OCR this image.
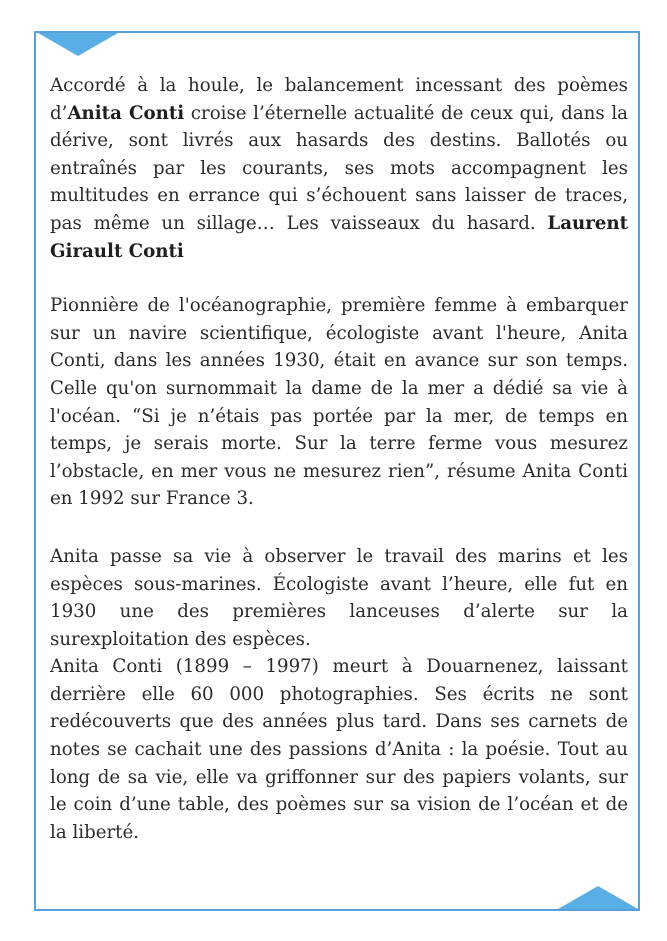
Accordé à la houle, le balancement incessant des poèmes d’Anita Conti croise l’éternelle actualité de ceux qui, dans la dérive, sont livrés aux hasards des destins. Ballotés ou entraînés par les courants, ses mots accompagnent les multitudes en errance qui s’échouent sans laisser de traces, pas même un sillage… Les vaisseaux du hasard. Laurent Girault Conti

Pionnière de l'océanographie, première femme à embarquer sur un navire scientifique, écologiste avant l'heure, Anita Conti, dans les années 1930, était en avance sur son temps. Celle qu'on surnommait la dame de la mer a dédié sa vie à l'océan. “Si je n’étais pas portée par la mer, de temps en temps, je serais morte. Sur la terre ferme vous mesurez l’obstacle, en mer vous ne mesurez rien”, résume Anita Conti en 1992 sur France 3.

Anita passe sa vie à observer le travail des marins et les espèces sous-marines. Écologiste avant l’heure, elle fut en 1930 une des premières lanceuses d’alerte sur la surexploitation des espèces.

Anita Conti (1899 – 1997) meurt à Douarnenez, laissant derrière elle 60 000 photographies. Ses écrits ne sont redécouverts que des années plus tard. Dans ses carnets de notes se cachait une des passions d’Anita : la poésie. Tout au long de sa vie, elle va griffonner sur des papiers volants, sur le coin d’une table, des poèmes sur sa vision de l’océan et de la liberté.
